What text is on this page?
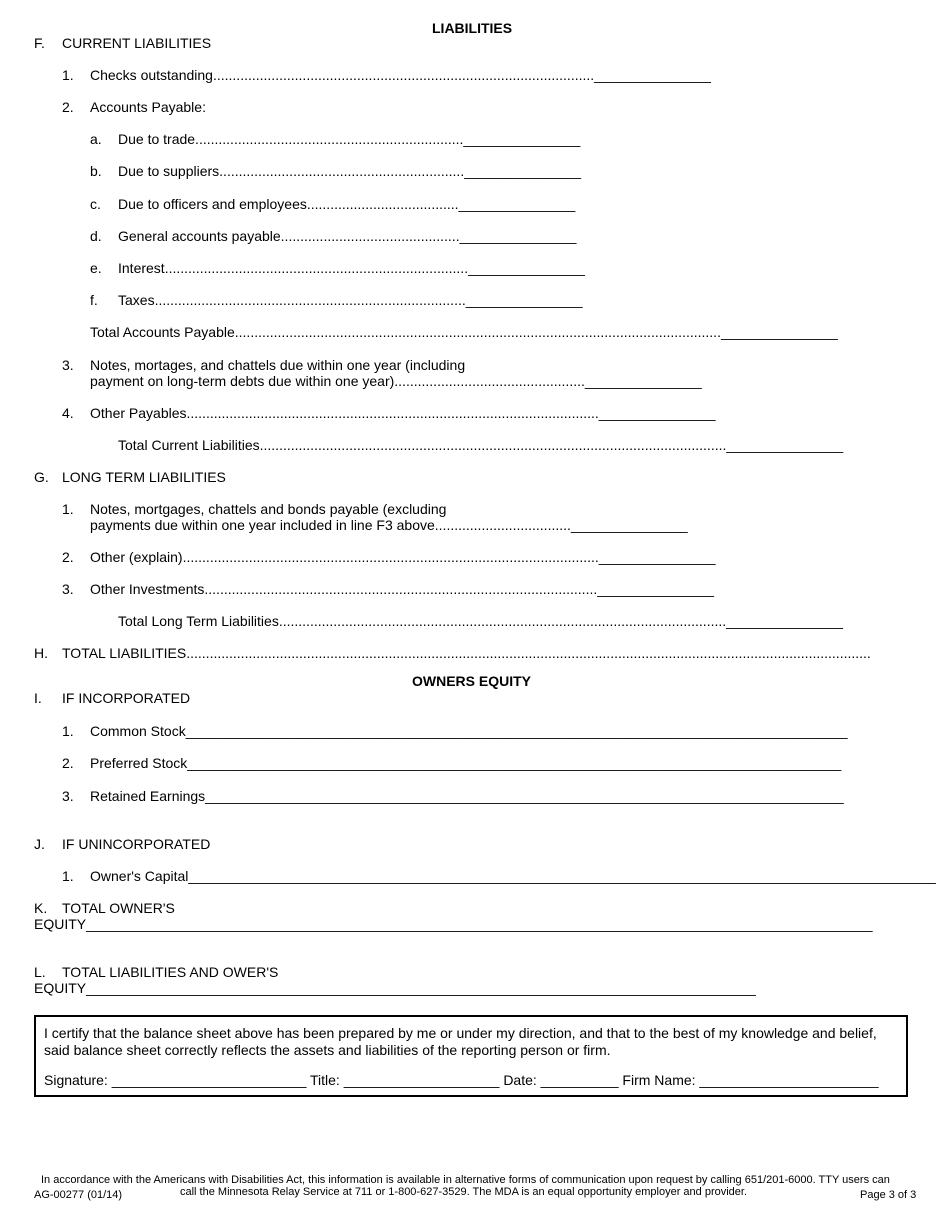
LIABILITIES
F. CURRENT LIABILITIES
1. Checks outstanding.................................................................................................._______________
2. Accounts Payable:
a. Due to trade....................................................................._______________
b. Due to suppliers..............................................................._______________
c. Due to officers and employees......................................._______________
d. General accounts payable.............................................._______________
e. Interest.............................................................................._______________
f. Taxes................................................................................_______________
Total Accounts Payable............................................................................................................................._______________
3. Notes, mortages, and chattels due within one year (including
payment on long-term debts due within one year)................................................._______________
4. Other Payables.........................................................................................................._______________
Total Current Liabilities........................................................................................................................_______________
G. LONG TERM LIABILITIES
1. Notes, mortgages, chattels and bonds payable (excluding
payments due within one year included in line F3 above..................................._______________
2. Other (explain)..........................................................................................................._______________
3. Other Investments....................................................................................................._______________
Total Long Term Liabilities..................................................................................................................._______________
H. TOTAL LIABILITIES................................................................................................................................................................................
OWNERS EQUITY
I. IF INCORPORATED
1. Common Stock_____________________________________________________________________________________
2. Preferred Stock____________________________________________________________________________________
3. Retained Earnings__________________________________________________________________________________
J. IF UNINCORPORATED
1. Owner's Capital________________________________________________________________________________________________
K. TOTAL OWNER'S
EQUITY_____________________________________________________________________________________________________
L. TOTAL LIABILITIES AND OWER'S
EQUITY______________________________________________________________________________________
I certify that the balance sheet above has been prepared by me or under my direction, and that to the best of my knowledge and belief,
said balance sheet correctly reflects the assets and liabilities of the reporting person or firm.
Signature: _________________________ Title: ____________________ Date: __________ Firm Name: _______________________
In accordance with the Americans with Disabilities Act, this information is available in alternative forms of communication upon request by calling 651/201-6000. TTY users can
call the Minnesota Relay Service at 711 or 1-800-627-3529. The MDA is an equal opportunity employer and provider.
AG-00277 (01/14)	Page 3 of 3
